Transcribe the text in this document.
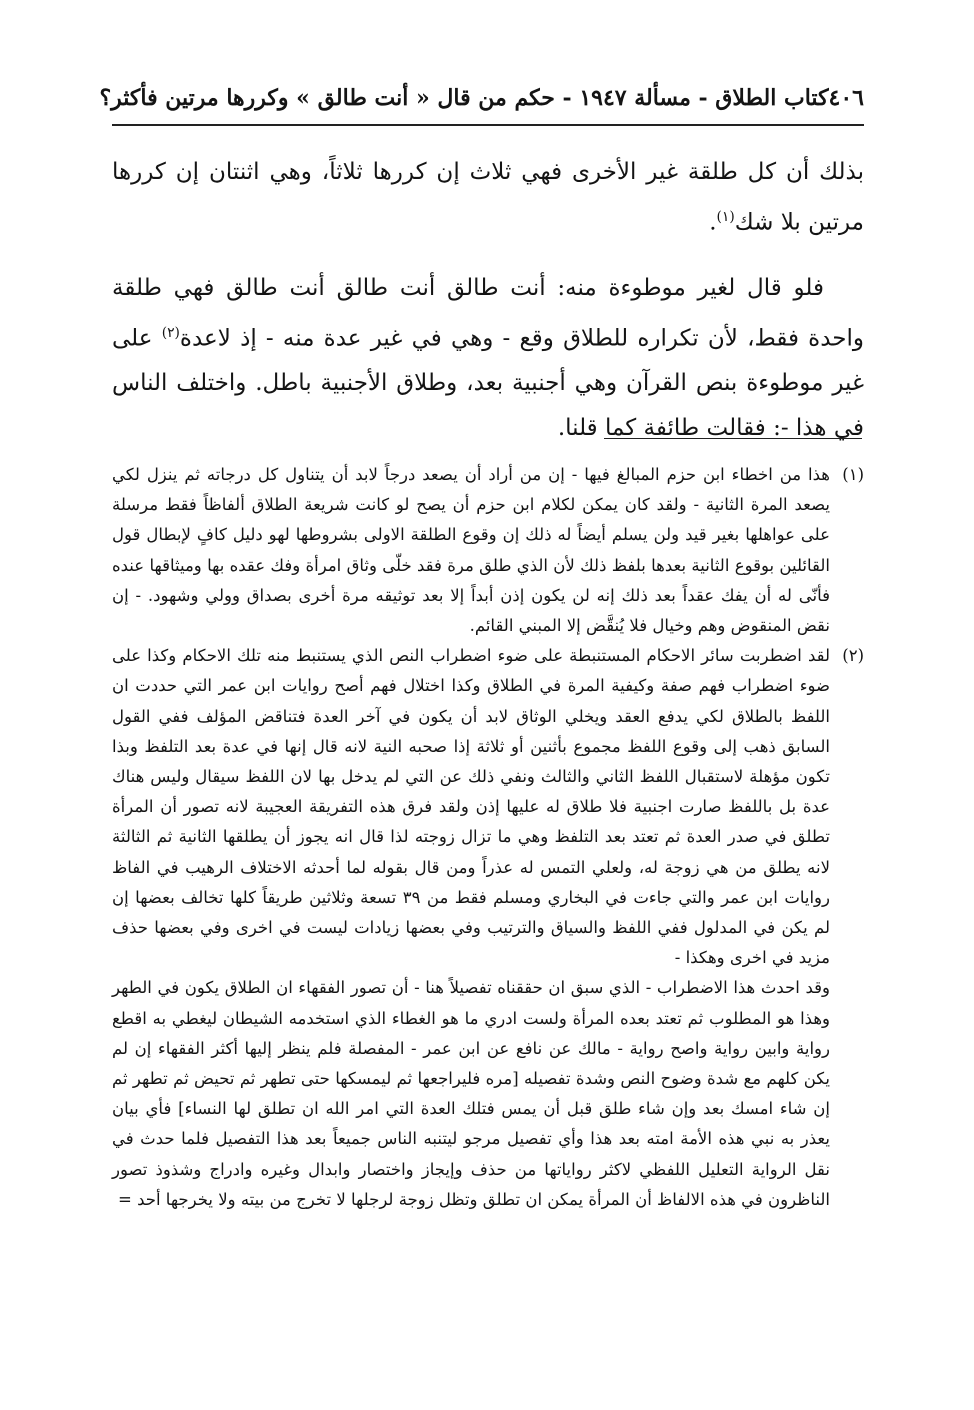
٤٠٦
كتاب الطلاق - مسألة ١٩٤٧ - حكم من قال « أنت طالق » وكررها مرتين فأكثر؟

بذلك أن كل طلقة غير الأخرى فهي ثلاث إن كررها ثلاثاً، وهي اثنتان إن كررها مرتين بلا شك$^{(١)}$.

فلو قال لغير موطوءة منه: أنت طالق أنت طالق أنت طالق فهي طلقة واحدة فقط، لأن تكراره للطلاق وقع - وهي في غير عدة منه - إذ لاعدة$^{(٢)}$ على غير موطوءة بنص القرآن وهي أجنبية بعد، وطلاق الأجنبية باطل. واختلف الناس في هذا -: فقالت طائفة كما قلنا.

(١)
هذا من اخطاء ابن حزم المبالغ فيها - إن من أراد أن يصعد درجاً لابد أن يتناول كل درجاته ثم ينزل لكي يصعد المرة الثانية - ولقد كان يمكن لكلام ابن حزم أن يصح لو كانت شريعة الطلاق ألفاظاً فقط مرسلة على عواهلها بغير قيد ولن يسلم أيضاً له ذلك إن وقوع الطلقة الاولى بشروطها لهو دليل كافٍ لإبطال قول القائلين بوقوع الثانية بعدها بلفظ ذلك لأن الذي طلق مرة فقد خلّى وثاق امرأة وفك عقده بها وميثاقها عنده فأنّى له أن يفك عقداً بعد ذلك إنه لن يكون إذن أبداً إلا بعد توثيقه مرة أخرى بصداق وولي وشهود. - إن نقض المنقوض وهم وخيال فلا يُنقَّض إلا المبني القائم.
(٢)
لقد اضطربت سائر الاحكام المستنبطة على ضوء اضطراب النص الذي يستنبط منه تلك الاحكام وكذا على ضوء اضطراب فهم صفة وكيفية المرة في الطلاق وكذا اختلال فهم أصح روايات ابن عمر التي حددت ان اللفظ بالطلاق لكي يدفع العقد ويخلي الوثاق لابد أن يكون في آخر العدة فتناقض المؤلف ففي القول السابق ذهب إلى وقوع اللفظ مجموع بأثنين أو ثلاثة إذا صحبه النية لانه قال إنها في عدة بعد التلفظ وبذا تكون مؤهلة لاستقبال اللفظ الثاني والثالث ونفي ذلك عن التي لم يدخل بها لان اللفظ سيقال وليس هناك عدة بل باللفظ صارت اجنبية فلا طلاق له عليها إذن ولقد فرق هذه التفريقة العجيبة لانه تصور أن المرأة تطلق في صدر العدة ثم تعتد بعد التلفظ وهي ما تزال زوجته لذا قال انه يجوز أن يطلقها الثانية ثم الثالثة لانه يطلق من هي زوجة له، ولعلي التمس له عذراً ومن قال بقوله لما أحدثه الاختلاف الرهيب في الفاظ روايات ابن عمر والتي جاءت في البخاري ومسلم فقط من ٣٩ تسعة وثلاثين طريقاً كلها تخالف بعضها إن لم يكن في المدلول ففي اللفظ والسياق والترتيب وفي بعضها زيادات ليست في اخرى وفي بعضها حذف مزيد في اخرى وهكذا -

وقد احدث هذا الاضطراب - الذي سبق ان حققناه تفصيلاً هنا - أن تصور الفقهاء ان الطلاق يكون في الطهر وهذا هو المطلوب ثم تعتد بعده المرأة ولست ادري ما هو الغطاء الذي استخدمه الشيطان ليغطي به اقطع رواية وابين رواية واصح رواية - مالك عن نافع عن ابن عمر - المفصلة فلم ينظر إليها أكثر الفقهاء إن لم يكن كلهم مع شدة وضوح النص وشدة تفصيله [مره فليراجعها ثم ليمسكها حتى تطهر ثم تحيض ثم تطهر ثم إن شاء امسك بعد وإن شاء طلق قبل أن يمس فتلك العدة التي امر الله ان تطلق لها النساء] فأي بيان يعذر به نبي هذه الأمة امته بعد هذا وأي تفصيل مرجو ليتنبه الناس جميعاً بعد هذا التفصيل فلما حدث في نقل الرواية التعليل اللفظي لاكثر رواياتها من حذف وإيجاز واختصار وابدال وغيره وادراج وشذوذ تصور الناظرون في هذه الالفاظ أن المرأة يمكن ان تطلق وتظل زوجة لرجلها لا تخرج من بيته ولا يخرجها أحد =
